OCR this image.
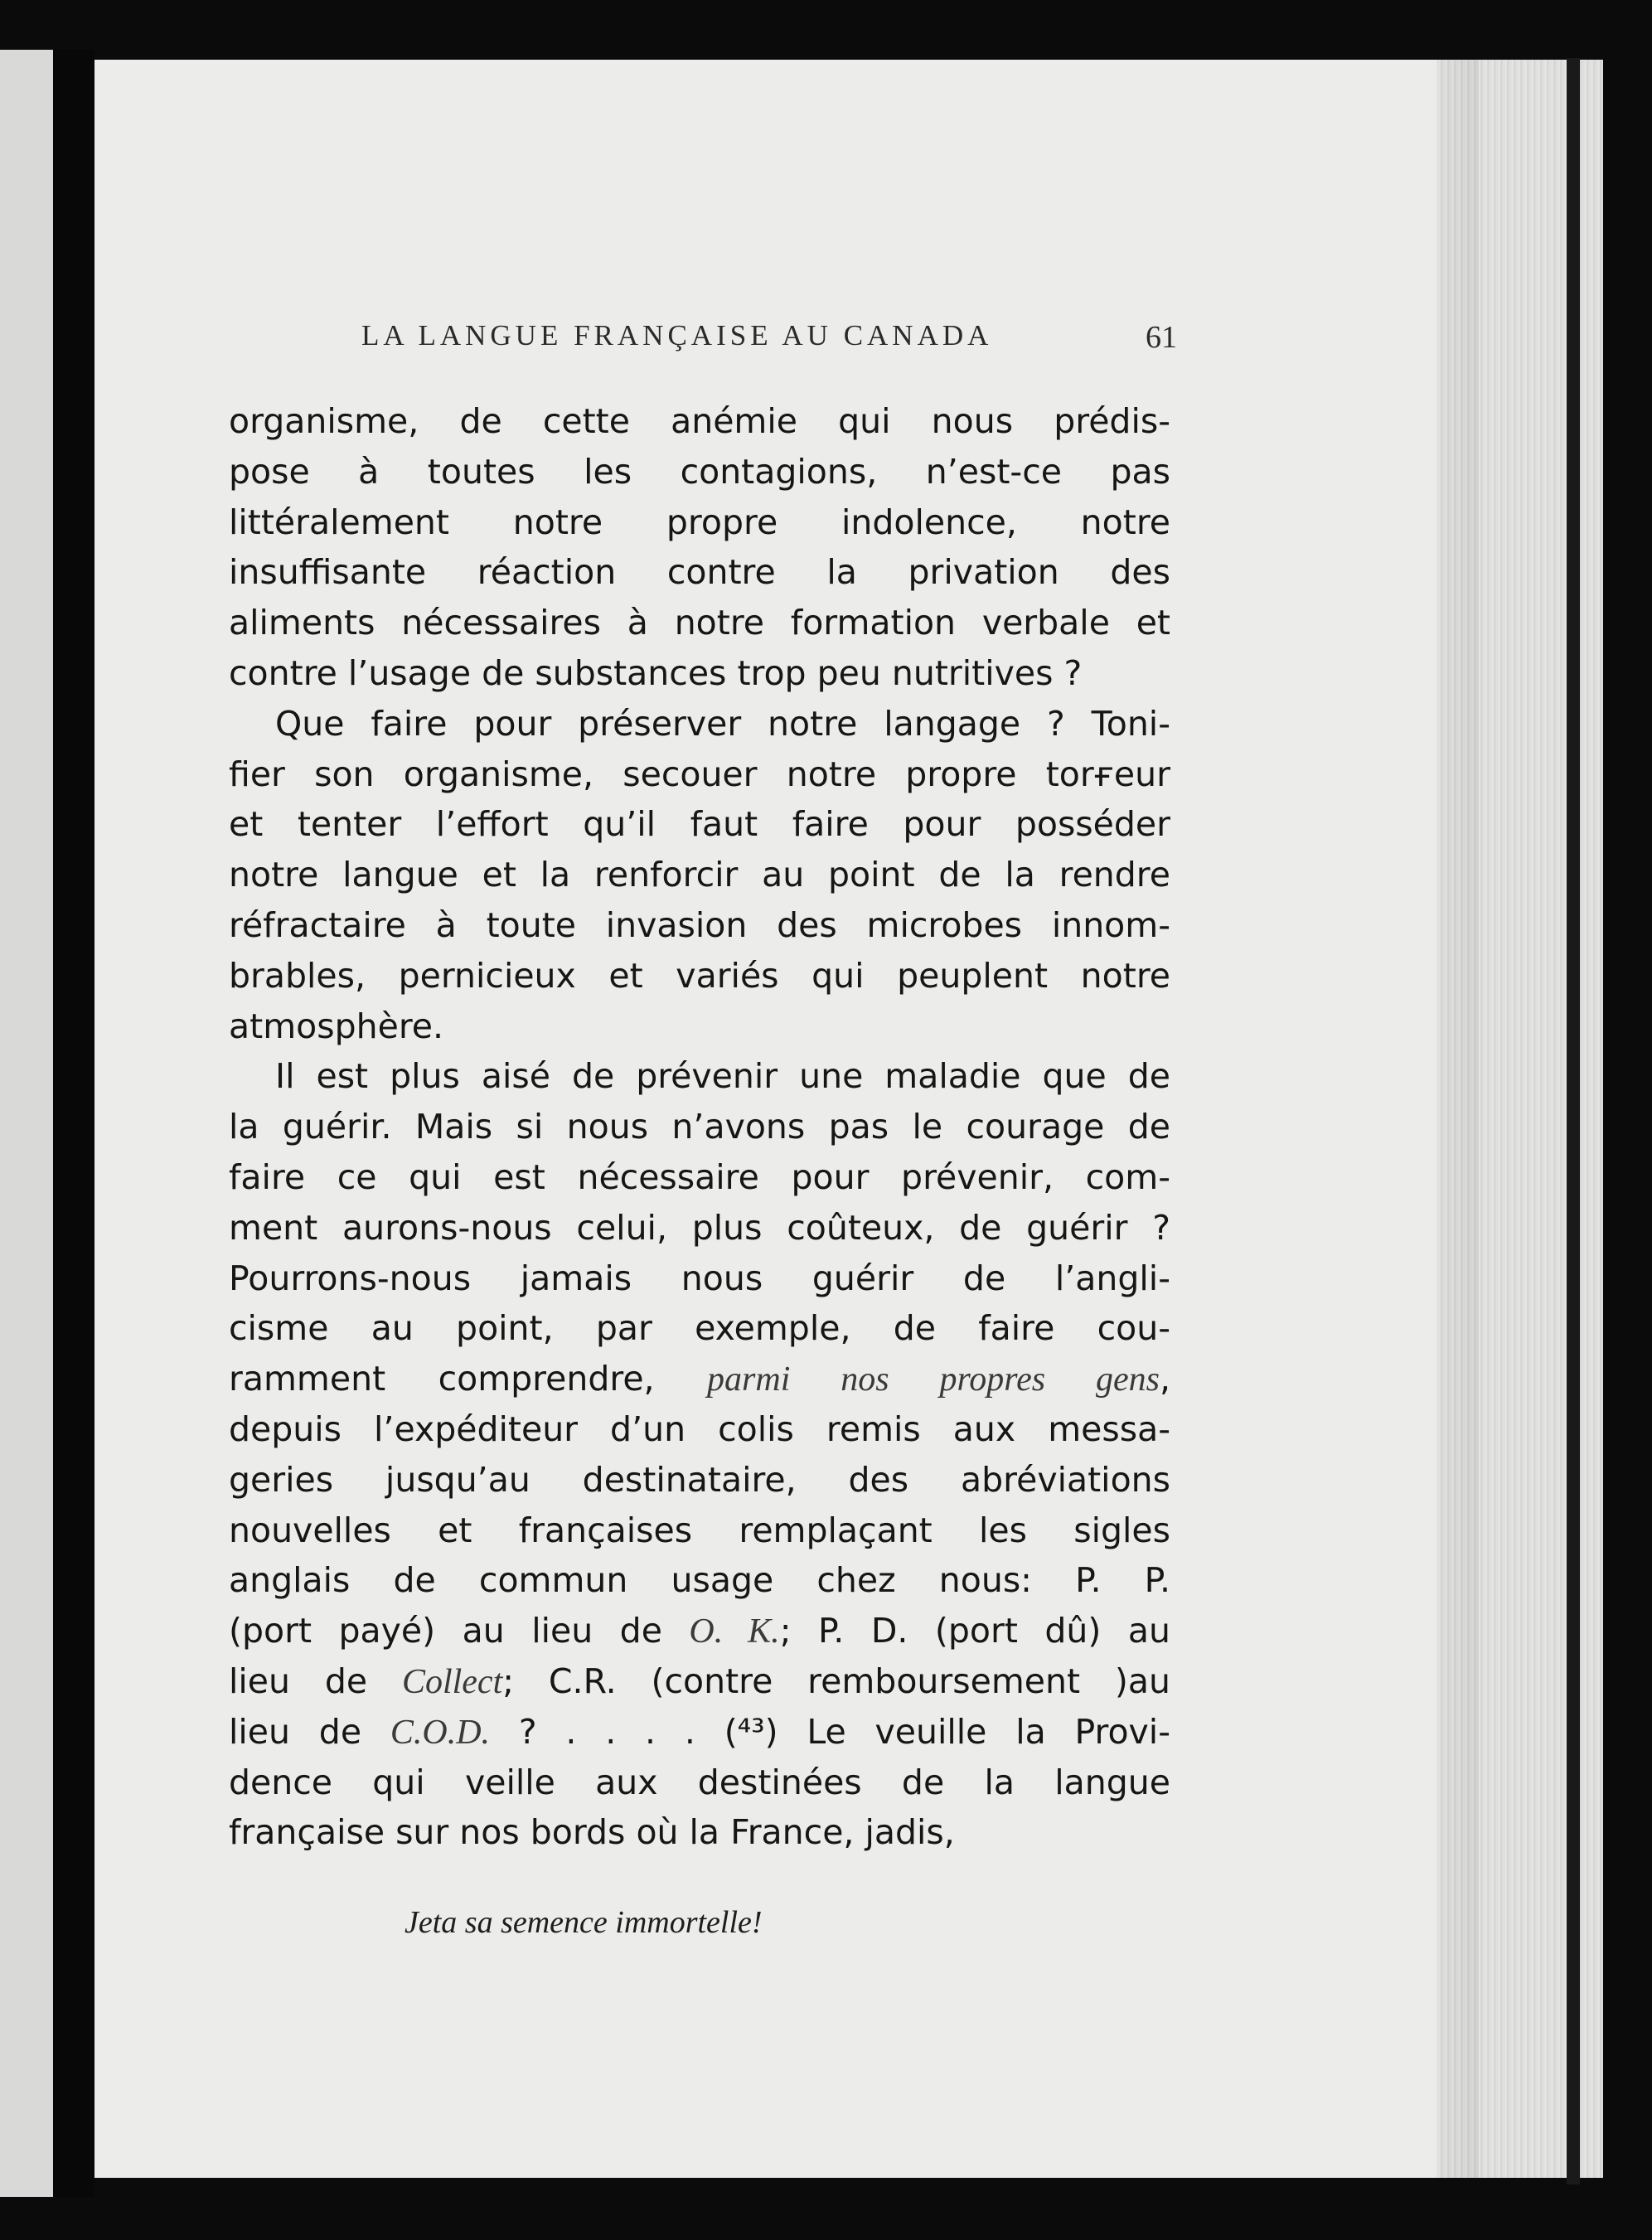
LA LANGUE FRANÇAISE AU CANADA	61
organisme, de cette anémie qui nous prédis-
pose à toutes les contagions, n’est-ce pas
littéralement notre propre indolence, notre
insuffisante réaction contre la privation des
aliments nécessaires à notre formation verbale et
contre l’usage de substances trop peu nutritives ?
Que faire pour préserver notre langage ? Toni-
fier son organisme, secouer notre propre torғeur
et tenter l’effort qu’il faut faire pour posséder
notre langue et la renforcir au point de la rendre
réfractaire à toute invasion des microbes innom-
brables, pernicieux et variés qui peuplent notre
atmosphère.
Il est plus aisé de prévenir une maladie que de
la guérir. Mais si nous n’avons pas le courage de
faire ce qui est nécessaire pour prévenir, com-
ment aurons-nous celui, plus coûteux, de guérir ?
Pourrons-nous jamais nous guérir de l’angli-
cisme au point, par exemple, de faire cou-
ramment comprendre, parmi nos propres gens,
depuis l’expéditeur d’un colis remis aux messa-
geries jusqu’au destinataire, des abréviations
nouvelles et françaises remplaçant les sigles
anglais de commun usage chez nous: P. P.
(port payé) au lieu de O. K.; P. D. (port dû) au
lieu de Collect; C.R. (contre remboursement )au
lieu de C.O.D. ? . . . . (⁴³) Le veuille la Provi-
dence qui veille aux destinées de la langue
française sur nos bords où la France, jadis,
Jeta sa semence immortelle!
